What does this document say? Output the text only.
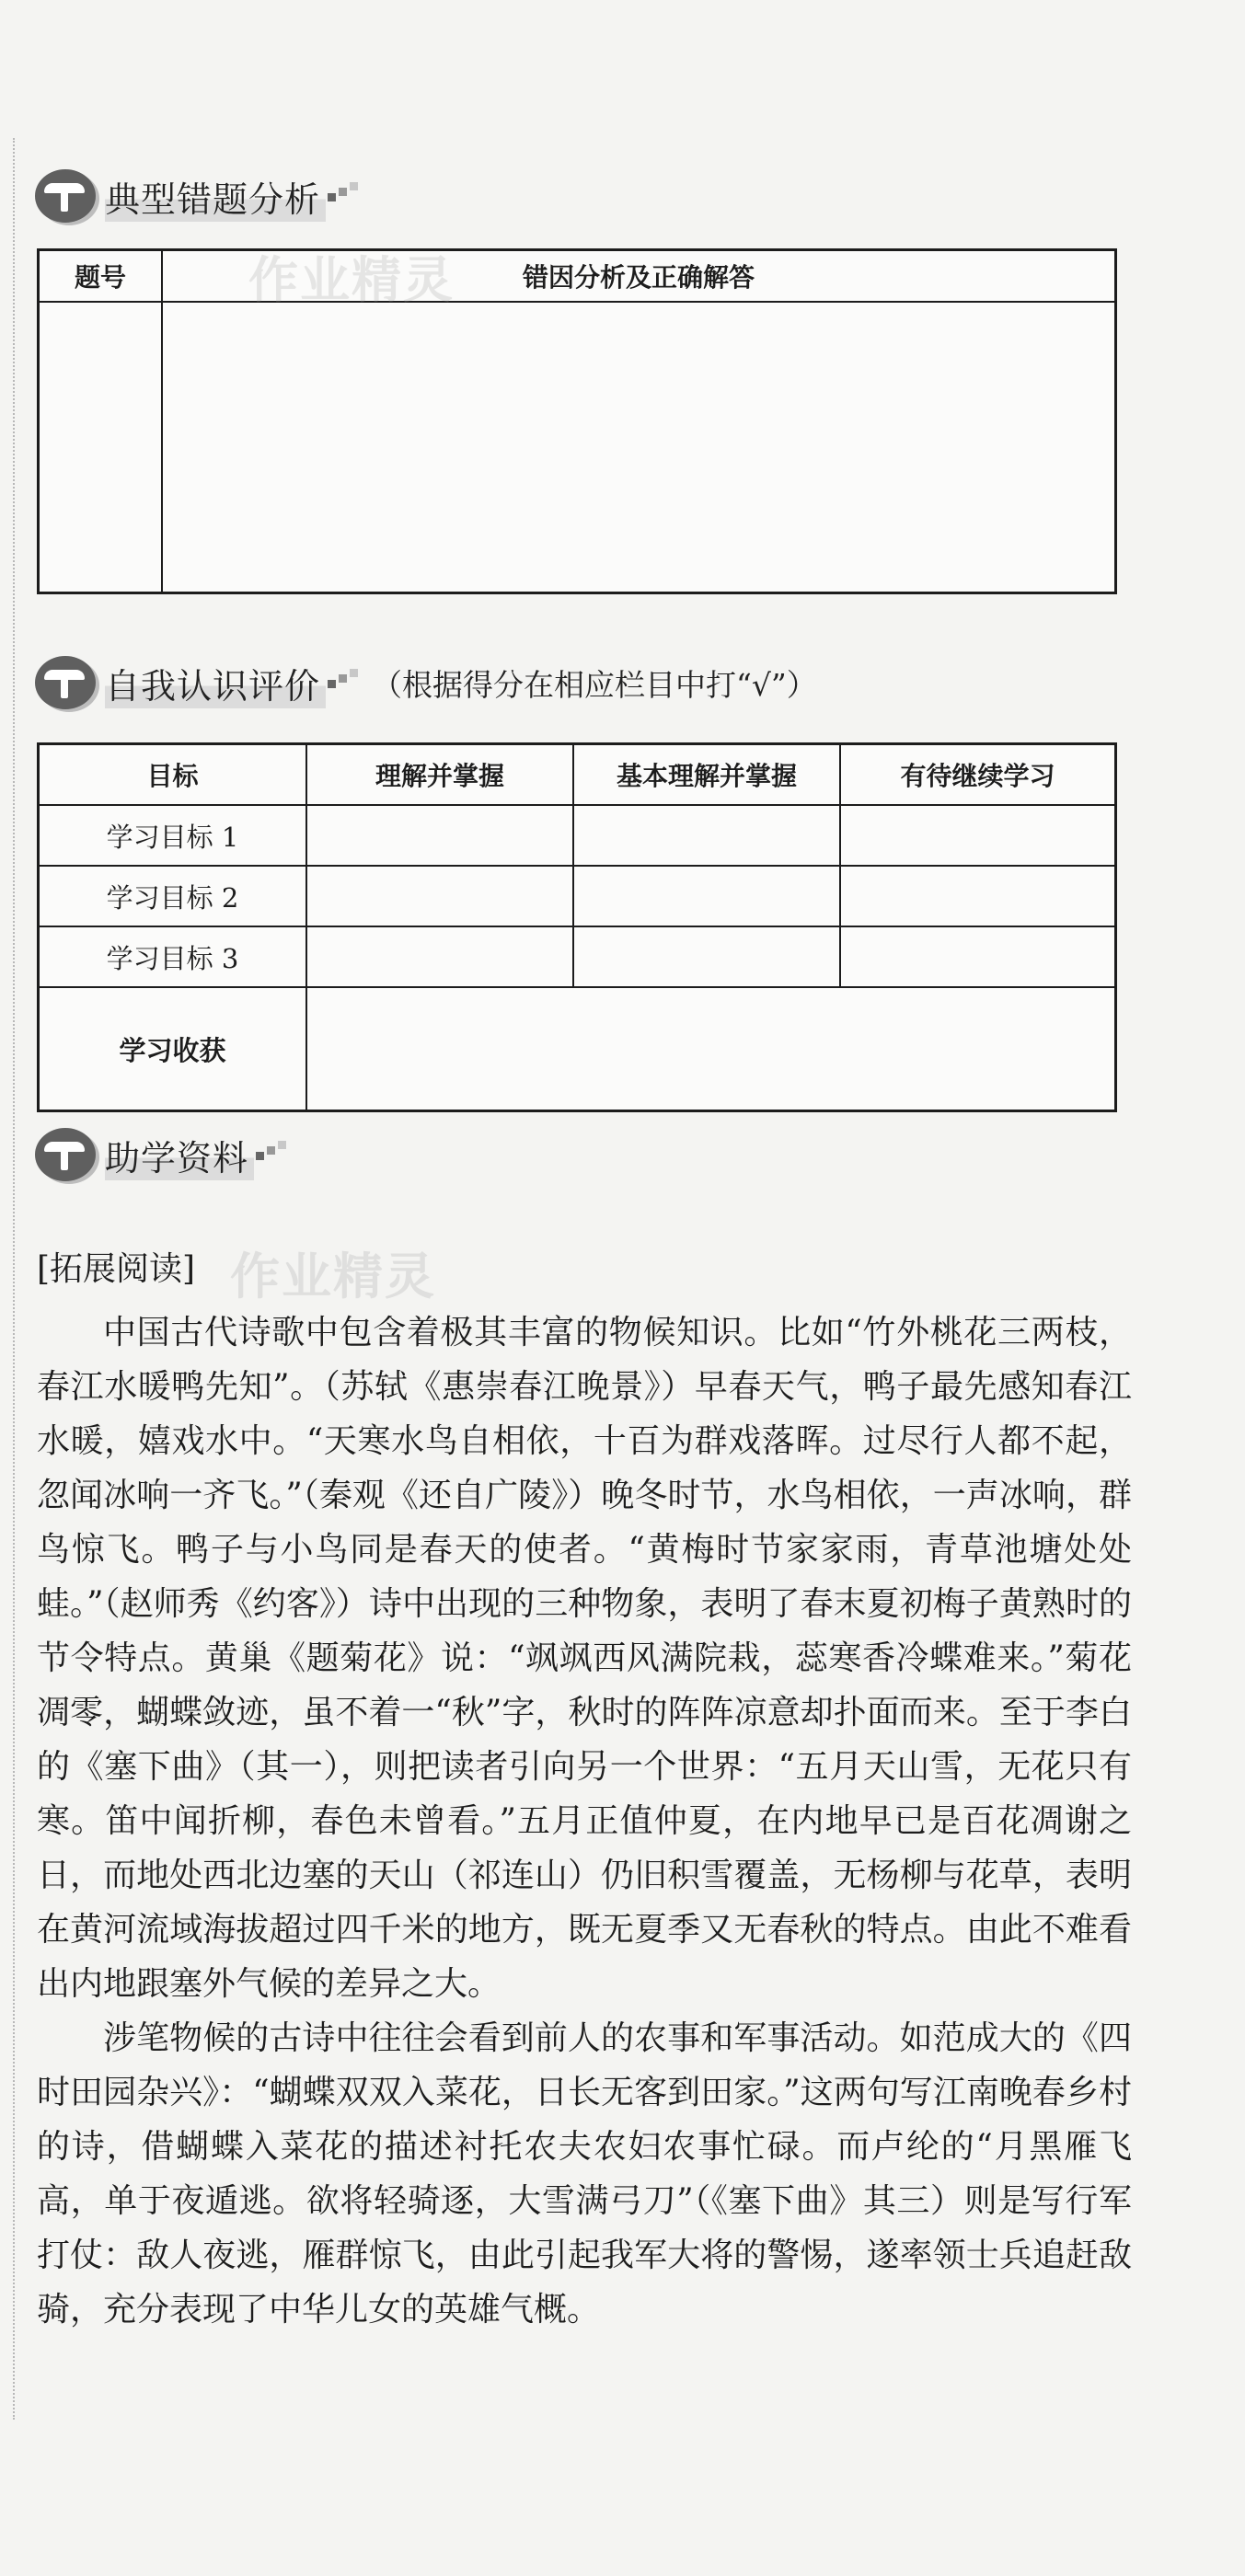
典型错题分析
题号	错因分析及正确解答

作业精灵
自我认识评价 （根据得分在相应栏目中打“√”）
目标	理解并掌握	基本理解并掌握	有待继续学习
学习目标 1			
学习目标 2			
学习目标 3			
学习收获			
助学资料
作业精灵
[拓展阅读]

中国古代诗歌中包含着极其丰富的物候知识。比如“竹外桃花三两枝，春江水暖鸭先知”。（苏轼《惠崇春江晚景》）早春天气，鸭子最先感知春江水暖，嬉戏水中。“天寒水鸟自相依，十百为群戏落晖。过尽行人都不起，忽闻冰响一齐飞。”（秦观《还自广陵》）晚冬时节，水鸟相依，一声冰响，群鸟惊飞。鸭子与小鸟同是春天的使者。“黄梅时节家家雨，青草池塘处处蛙。”（赵师秀《约客》）诗中出现的三种物象，表明了春末夏初梅子黄熟时的节令特点。黄巢《题菊花》说：“飒飒西风满院栽，蕊寒香冷蝶难来。”菊花凋零，蝴蝶敛迹，虽不着一“秋”字，秋时的阵阵凉意却扑面而来。至于李白的《塞下曲》（其一），则把读者引向另一个世界：“五月天山雪，无花只有寒。笛中闻折柳，春色未曾看。”五月正值仲夏，在内地早已是百花凋谢之日，而地处西北边塞的天山（祁连山）仍旧积雪覆盖，无杨柳与花草，表明在黄河流域海拔超过四千米的地方，既无夏季又无春秋的特点。由此不难看出内地跟塞外气候的差异之大。

涉笔物候的古诗中往往会看到前人的农事和军事活动。如范成大的《四时田园杂兴》：“蝴蝶双双入菜花，日长无客到田家。”这两句写江南晚春乡村的诗，借蝴蝶入菜花的描述衬托农夫农妇农事忙碌。而卢纶的“月黑雁飞高，单于夜遁逃。欲将轻骑逐，大雪满弓刀”（《塞下曲》其三）则是写行军打仗：敌人夜逃，雁群惊飞，由此引起我军大将的警惕，遂率领士兵追赶敌骑，充分表现了中华儿女的英雄气概。
